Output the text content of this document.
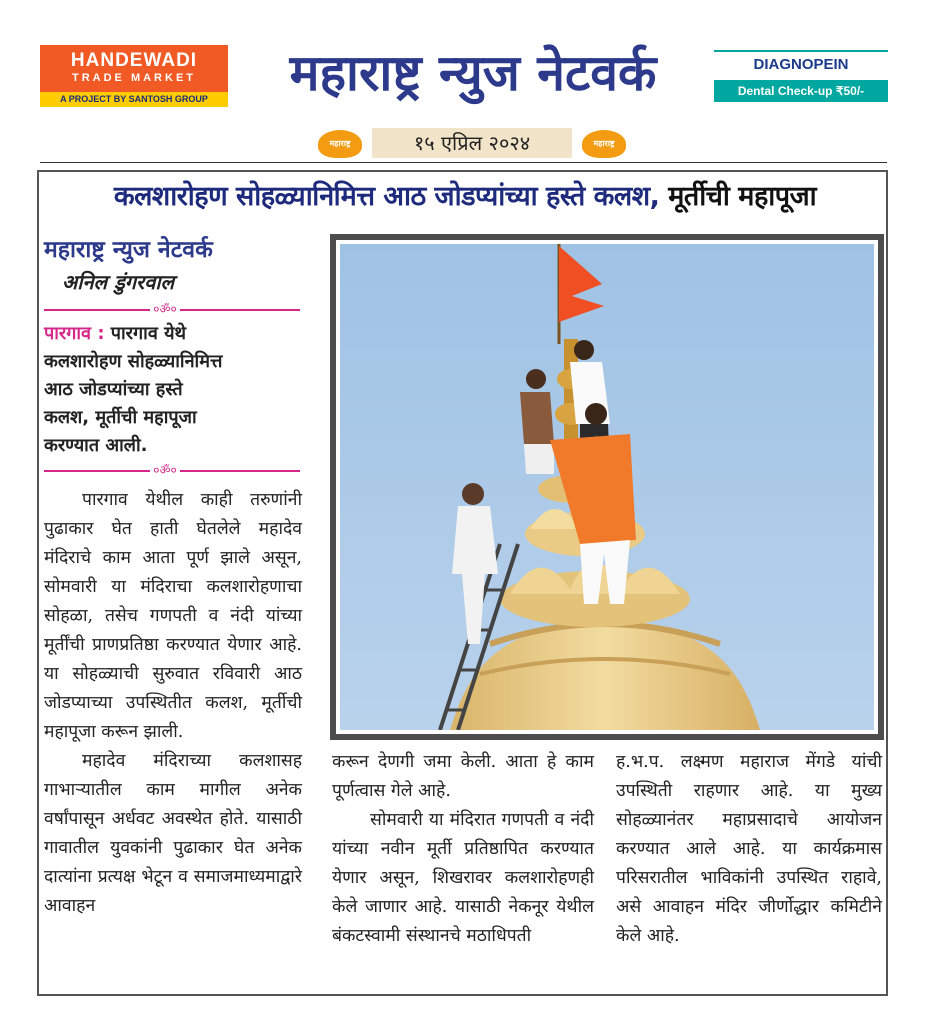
HANDEWADI
TRADE MARKET
A PROJECT BY SANTOSH GROUP	महाराष्ट्र न्युज नेटवर्क	DIAGNOPEIN
Dental Check-up ₹50/-
महाराष्ट्र	१५ एप्रिल २०२४	महाराष्ट्र
कलशारोहण सोहळ्यानिमित्त आठ जोडप्यांच्या हस्ते कलश, मूर्तीची महापूजा
महाराष्ट्र न्युज नेटवर्क
अनिल डुंगरवाल
०ॐ०
पारगाव : पारगाव येथे
कलशारोहण सोहळ्यानिमित्त
आठ जोडप्यांच्या हस्ते
कलश, मूर्तीची महापूजा
करण्यात आली.
०ॐ०

पारगाव येथील काही तरुणांनी पुढाकार घेत हाती घेतलेले महादेव मंदिराचे काम आता पूर्ण झाले असून, सोमवारी या मंदिराचा कलशारोहणाचा सोहळा, तसेच गणपती व नंदी यांच्या मूर्तींची प्राणप्रतिष्ठा करण्यात येणार आहे. या सोहळ्याची सुरुवात रविवारी आठ जोडप्याच्या उपस्थितीत कलश, मूर्तीची महापूजा करून झाली.

महादेव मंदिराच्या कलशासह गाभाऱ्यातील काम मागील अनेक वर्षांपासून अर्धवट अवस्थेत होते. यासाठी गावातील युवकांनी पुढाकार घेत अनेक दात्यांना प्रत्यक्ष भेटून व समाजमाध्यमाद्वारे आवाहन

करून देणगी जमा केली. आता हे काम पूर्णत्वास गेले आहे.

सोमवारी या मंदिरात गणपती व नंदी यांच्या नवीन मूर्ती प्रतिष्ठापित करण्यात येणार असून, शिखरावर कलशारोहणही केले जाणार आहे. यासाठी नेकनूर येथील बंकटस्वामी संस्थानचे मठाधिपती

ह.भ.प. लक्ष्मण महाराज मेंगडे यांची उपस्थिती राहणार आहे. या मुख्य सोहळ्यानंतर महाप्रसादाचे आयोजन करण्यात आले आहे. या कार्यक्रमास परिसरातील भाविकांनी उपस्थित राहावे, असे आवाहन मंदिर जीर्णोद्धार कमिटीने केले आहे.
